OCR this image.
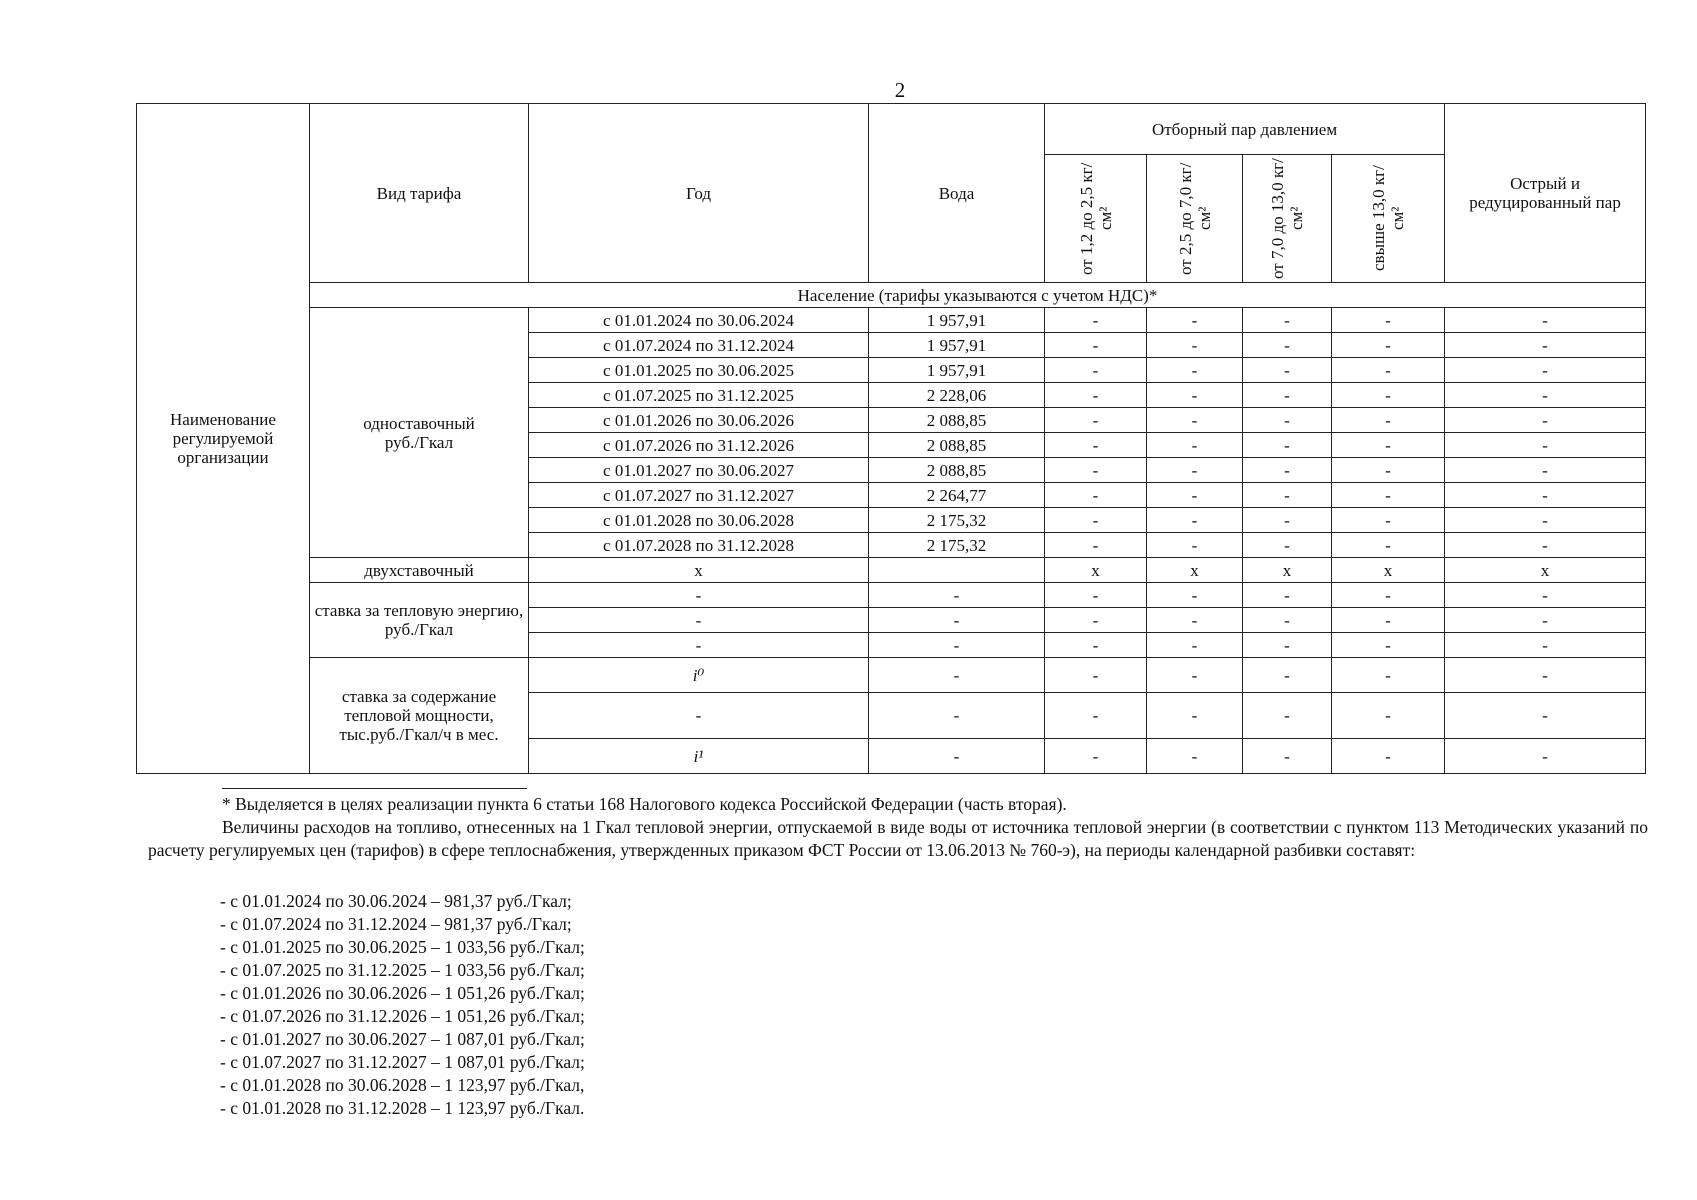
2
Наименование регулируемой организации	Вид тарифа	Год	Вода	Отборный пар давлением				Острый и редуцированный пар

				от 1,2 до 2,5 кг/см²	от 2,5 до 7,0 кг/см²	от 7,0 до 13,0 кг/см²	свыше 13,0 кг/см²	

	Население (тарифы указываются с учетом НДС)*							
	одноставочный руб./Гкал	с 01.01.2024 по 30.06.2024	1 957,91	-	-	-	-	-
		с 01.07.2024 по 31.12.2024	1 957,91	-	-	-	-	-
		с 01.01.2025 по 30.06.2025	1 957,91	-	-	-	-	-
		с 01.07.2025 по 31.12.2025	2 228,06	-	-	-	-	-
		с 01.01.2026 по 30.06.2026	2 088,85	-	-	-	-	-
		с 01.07.2026 по 31.12.2026	2 088,85	-	-	-	-	-
		с 01.01.2027 по 30.06.2027	2 088,85	-	-	-	-	-
		с 01.07.2027 по 31.12.2027	2 264,77	-	-	-	-	-
		с 01.01.2028 по 30.06.2028	2 175,32	-	-	-	-	-
		с 01.07.2028 по 31.12.2028	2 175,32	-	-	-	-	-
	двухставочный	x		x	x	x	x	x
	ставка за тепловую энергию, руб./Гкал	-	-	-	-	-	-	-
		-	-	-	-	-	-	-
		-	-	-	-	-	-	-
	ставка за содержание тепловой мощности, тыс.руб./Гкал/ч в мес.	i⁰	-	-	-	-	-	-
		-	-	-	-	-	-	-
		i¹	-	-	-	-	-	-
* Выделяется в целях реализации пункта 6 статьи 168 Налогового кодекса Российской Федерации (часть вторая).
Величины расходов на топливо, отнесенных на 1 Гкал тепловой энергии, отпускаемой в виде воды от источника тепловой энергии (в соответствии с пунктом 113 Методических указаний по расчету регулируемых цен (тарифов) в сфере теплоснабжения, утвержденных приказом ФСТ России от 13.06.2013 № 760-э), на периоды календарной разбивки составят:
- с 01.01.2024 по 30.06.2024 – 981,37 руб./Гкал;
- с 01.07.2024 по 31.12.2024 – 981,37 руб./Гкал;
- с 01.01.2025 по 30.06.2025 – 1 033,56 руб./Гкал;
- с 01.07.2025 по 31.12.2025 – 1 033,56 руб./Гкал;
- с 01.01.2026 по 30.06.2026 – 1 051,26 руб./Гкал;
- с 01.07.2026 по 31.12.2026 – 1 051,26 руб./Гкал;
- с 01.01.2027 по 30.06.2027 – 1 087,01 руб./Гкал;
- с 01.07.2027 по 31.12.2027 – 1 087,01 руб./Гкал;
- с 01.01.2028 по 30.06.2028 – 1 123,97 руб./Гкал,
- с 01.01.2028 по 31.12.2028 – 1 123,97 руб./Гкал.
